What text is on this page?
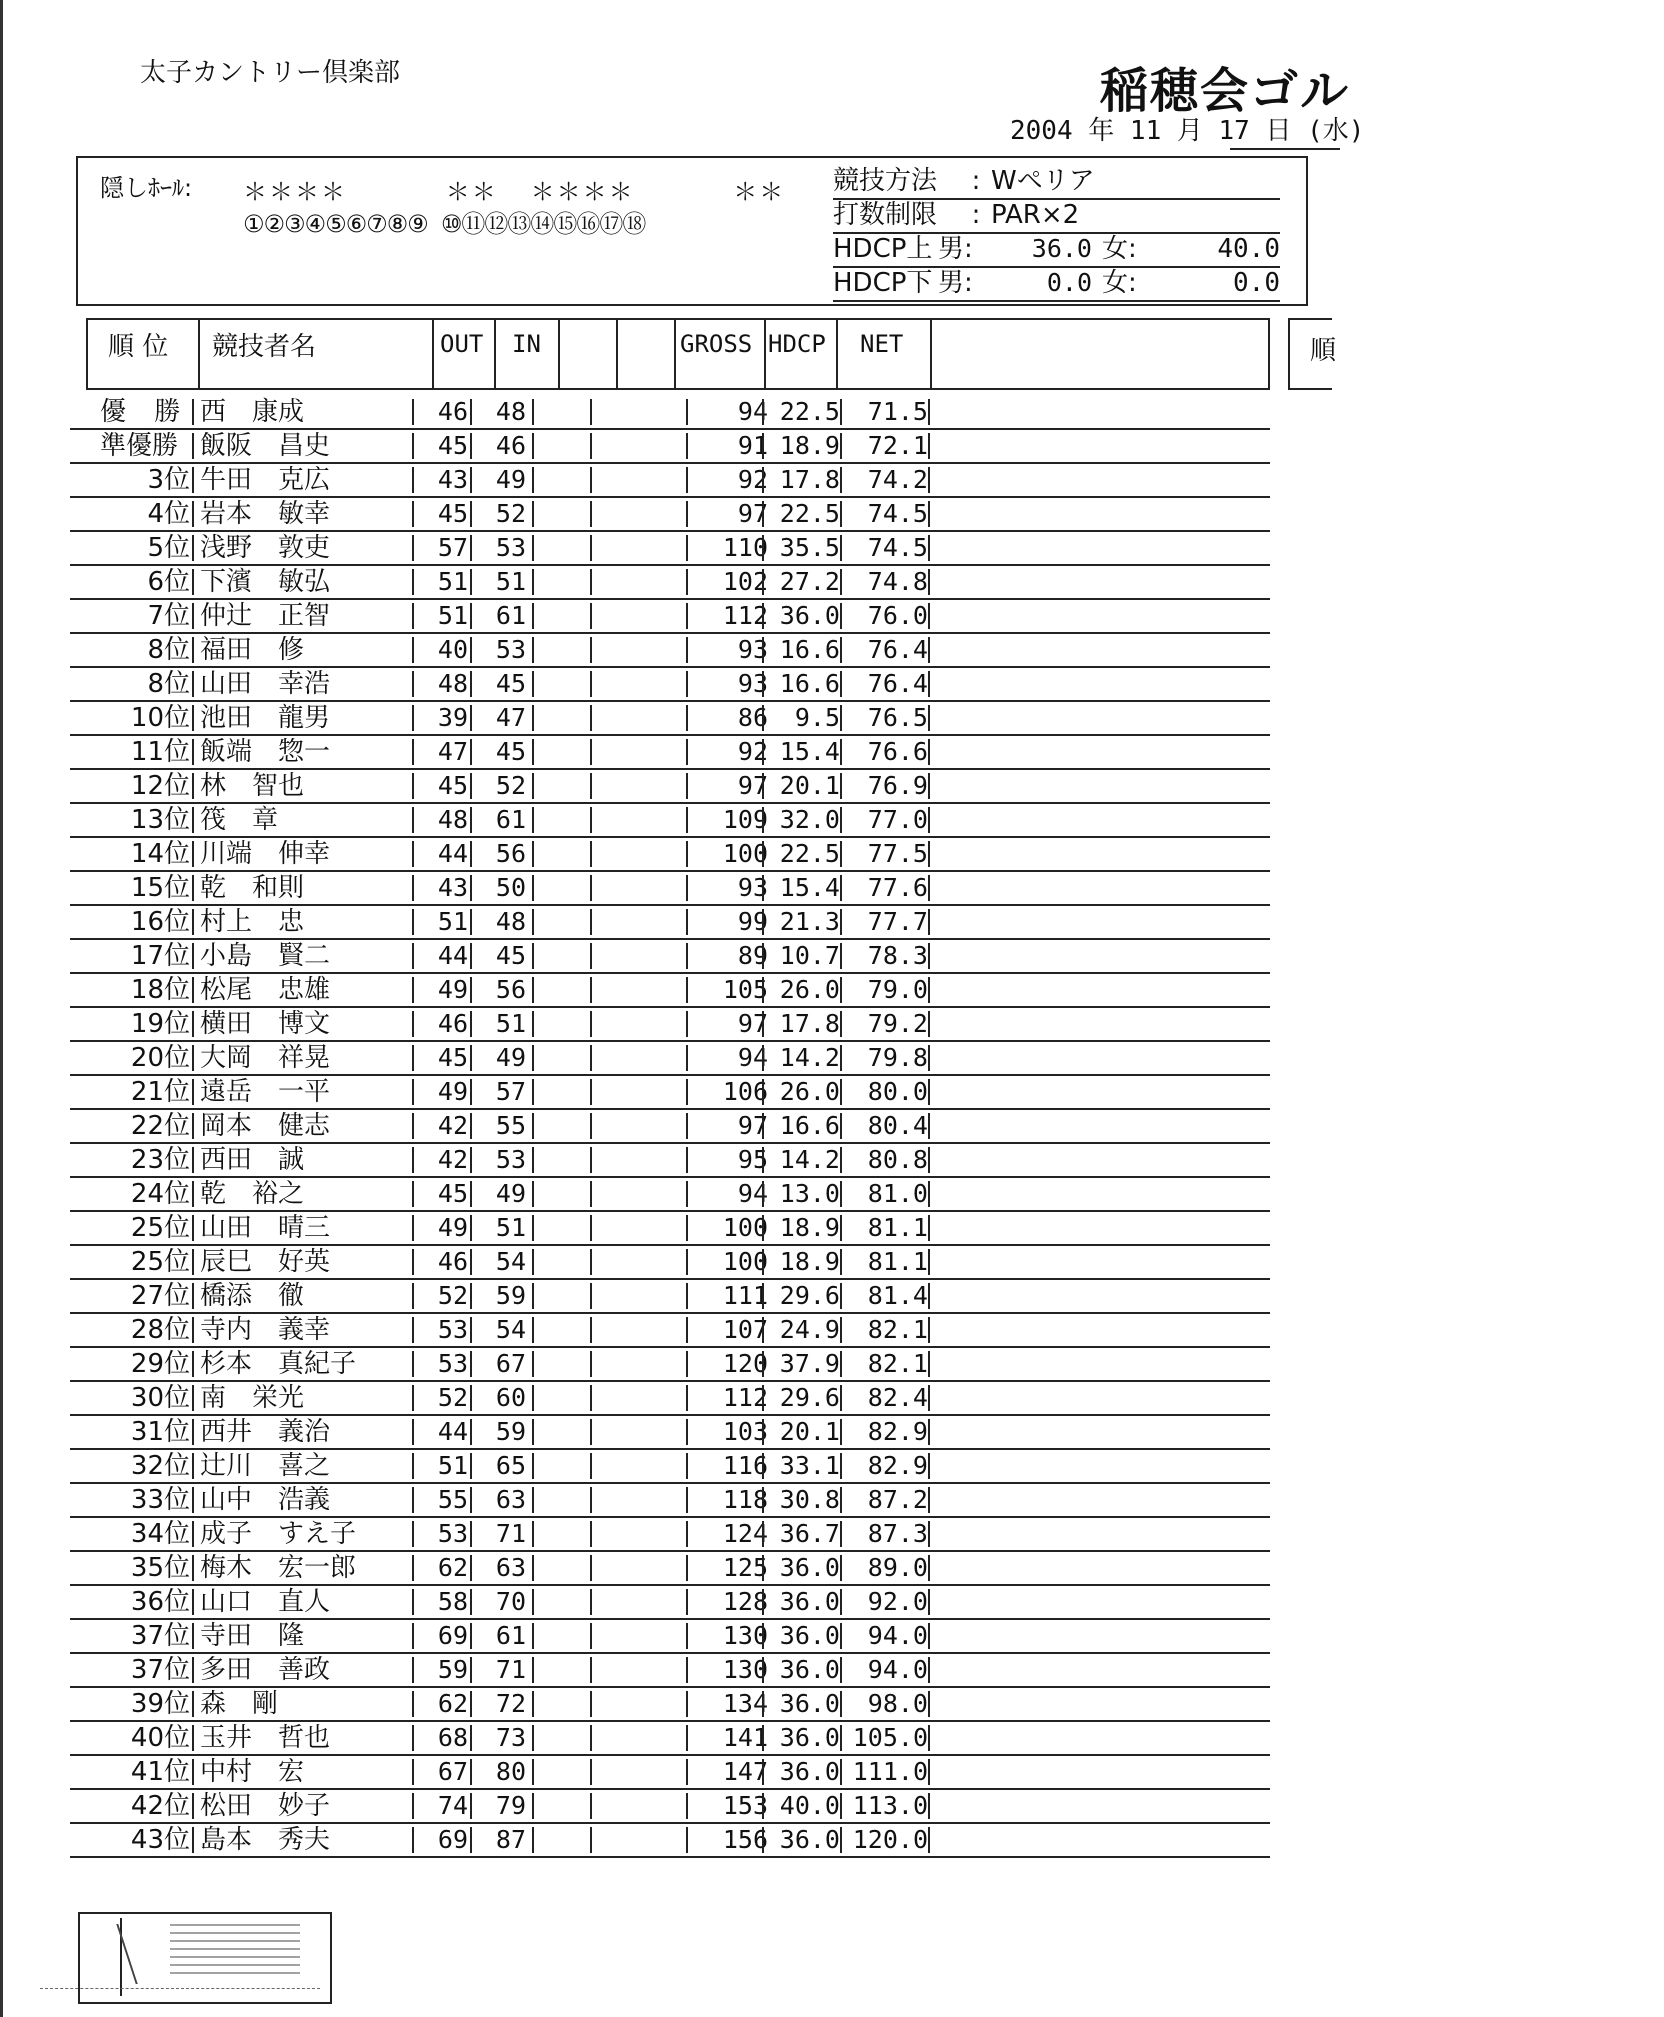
太子カントリー倶楽部	稲穂会ゴル
2004 年 11 月 17 日 (水)
隠しﾎｰﾙ: ＊＊＊＊      ＊＊  ＊＊＊＊      ＊＊
①②③④⑤⑥⑦⑧⑨ ⑩⑪⑫⑬⑭⑮⑯⑰⑱
競技方法 : Wペリア
打数制限 : PAR×2
HDCP上 男: 36.0 女:	40.0
HDCP下 男:	0.0 女:	0.0
順 位 競技者名	OUT IN	GROSS HDCP NET	順
優 勝 西　康成	46	48	94 22.5	71.5
準優勝 飯阪　昌史	45	46	91 18.9	72.1
3位 牛田　克広	43	49	92 17.8	74.2
4位 岩本　敏幸	45	52	97 22.5	74.5
5位 浅野　敦吏	57	53	110 35.5	74.5
6位 下濱　敏弘	51	51	102 27.2	74.8
7位 仲辻　正智	51	61	112 36.0	76.0
8位 福田　修	40	53	93 16.6	76.4
8位 山田　幸浩	48	45	93 16.6	76.4
10位 池田　龍男	39	47	86	9.5	76.5
11位 飯端　惣一	47	45	92 15.4	76.6
12位 林　智也	45	52	97 20.1	76.9
13位 筏　章	48	61	109 32.0	77.0
14位 川端　伸幸	44	56	100 22.5	77.5
15位 乾　和則	43	50	93 15.4	77.6
16位 村上　忠	51	48	99 21.3	77.7
17位 小島　賢二	44	45	89 10.7	78.3
18位 松尾　忠雄	49	56	105 26.0	79.0
19位 横田　博文	46	51	97 17.8	79.2
20位 大岡　祥晃	45	49	94 14.2	79.8
21位 遠岳　一平	49	57	106 26.0	80.0
22位 岡本　健志	42	55	97 16.6	80.4
23位 西田　誠	42	53	95 14.2	80.8
24位 乾　裕之	45	49	94 13.0	81.0
25位 山田　晴三	49	51	100 18.9	81.1
25位 辰巳　好英	46	54	100 18.9	81.1
27位 橋添　徹	52	59	111 29.6	81.4
28位 寺内　義幸	53	54	107 24.9	82.1
29位 杉本　真紀子	53	67	120 37.9	82.1
30位 南　栄光	52	60	112 29.6	82.4
31位 西井　義治	44	59	103 20.1	82.9
32位 辻川　喜之	51	65	116 33.1	82.9
33位 山中　浩義	55	63	118 30.8	87.2
34位 成子　すえ子	53	71	124 36.7	87.3
35位 梅木　宏一郎	62	63	125 36.0	89.0
36位 山口　直人	58	70	128 36.0	92.0
37位 寺田　隆	69	61	130 36.0	94.0
37位 多田　善政	59	71	130 36.0	94.0
39位 森　剛	62	72	134 36.0	98.0
40位 玉井　哲也	68	73	141 36.0 105.0
41位 中村　宏	67	80	147 36.0 111.0
42位 松田　妙子	74	79	153 40.0 113.0
43位 島本　秀夫	69	87	156 36.0 120.0
